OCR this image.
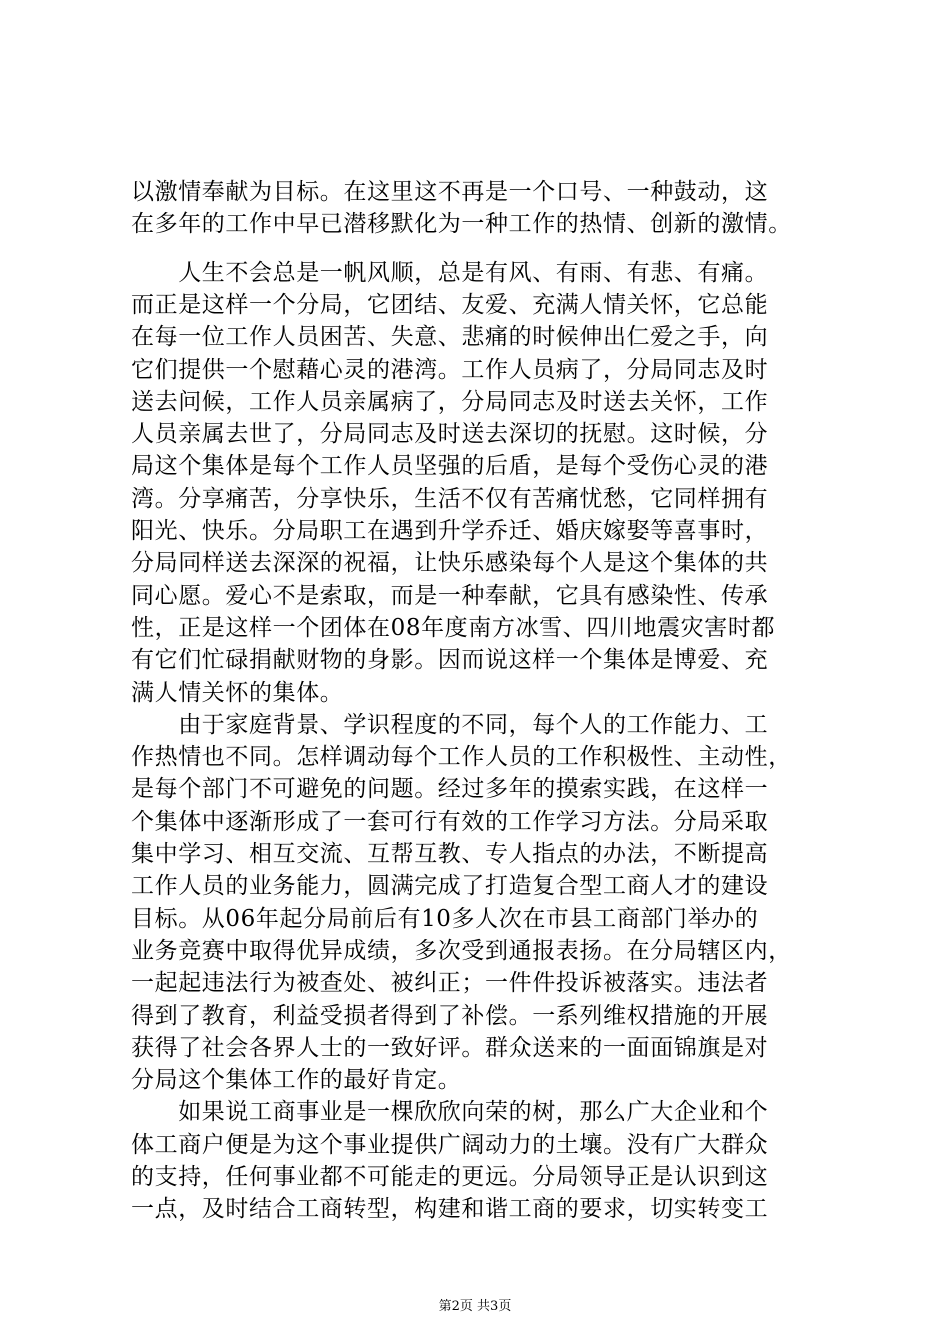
以激情奉献为目标。在这里这不再是一个口号、一种鼓动，这
在多年的工作中早已潜移默化为一种工作的热情、创新的激情。
　　人生不会总是一帆风顺，总是有风、有雨、有悲、有痛。
而正是这样一个分局，它团结、友爱、充满人情关怀，它总能
在每一位工作人员困苦、失意、悲痛的时候伸出仁爱之手，向
它们提供一个慰藉心灵的港湾。工作人员病了，分局同志及时
送去问候，工作人员亲属病了，分局同志及时送去关怀，工作
人员亲属去世了，分局同志及时送去深切的抚慰。这时候，分
局这个集体是每个工作人员坚强的后盾，是每个受伤心灵的港
湾。分享痛苦，分享快乐，生活不仅有苦痛忧愁，它同样拥有
阳光、快乐。分局职工在遇到升学乔迁、婚庆嫁娶等喜事时，
分局同样送去深深的祝福，让快乐感染每个人是这个集体的共
同心愿。爱心不是索取，而是一种奉献，它具有感染性、传承
性，正是这样一个团体在08年度南方冰雪、四川地震灾害时都
有它们忙碌捐献财物的身影。因而说这样一个集体是博爱、充
满人情关怀的集体。
　　由于家庭背景、学识程度的不同，每个人的工作能力、工
作热情也不同。怎样调动每个工作人员的工作积极性、主动性，
是每个部门不可避免的问题。经过多年的摸索实践，在这样一
个集体中逐渐形成了一套可行有效的工作学习方法。分局采取
集中学习、相互交流、互帮互教、专人指点的办法，不断提高
工作人员的业务能力，圆满完成了打造复合型工商人才的建设
目标。从06年起分局前后有10多人次在市县工商部门举办的
业务竞赛中取得优异成绩，多次受到通报表扬。在分局辖区内，
一起起违法行为被查处、被纠正；一件件投诉被落实。违法者
得到了教育，利益受损者得到了补偿。一系列维权措施的开展
获得了社会各界人士的一致好评。群众送来的一面面锦旗是对
分局这个集体工作的最好肯定。
　　如果说工商事业是一棵欣欣向荣的树，那么广大企业和个
体工商户便是为这个事业提供广阔动力的土壤。没有广大群众
的支持，任何事业都不可能走的更远。分局领导正是认识到这
一点，及时结合工商转型，构建和谐工商的要求，切实转变工
第2页 共3页
